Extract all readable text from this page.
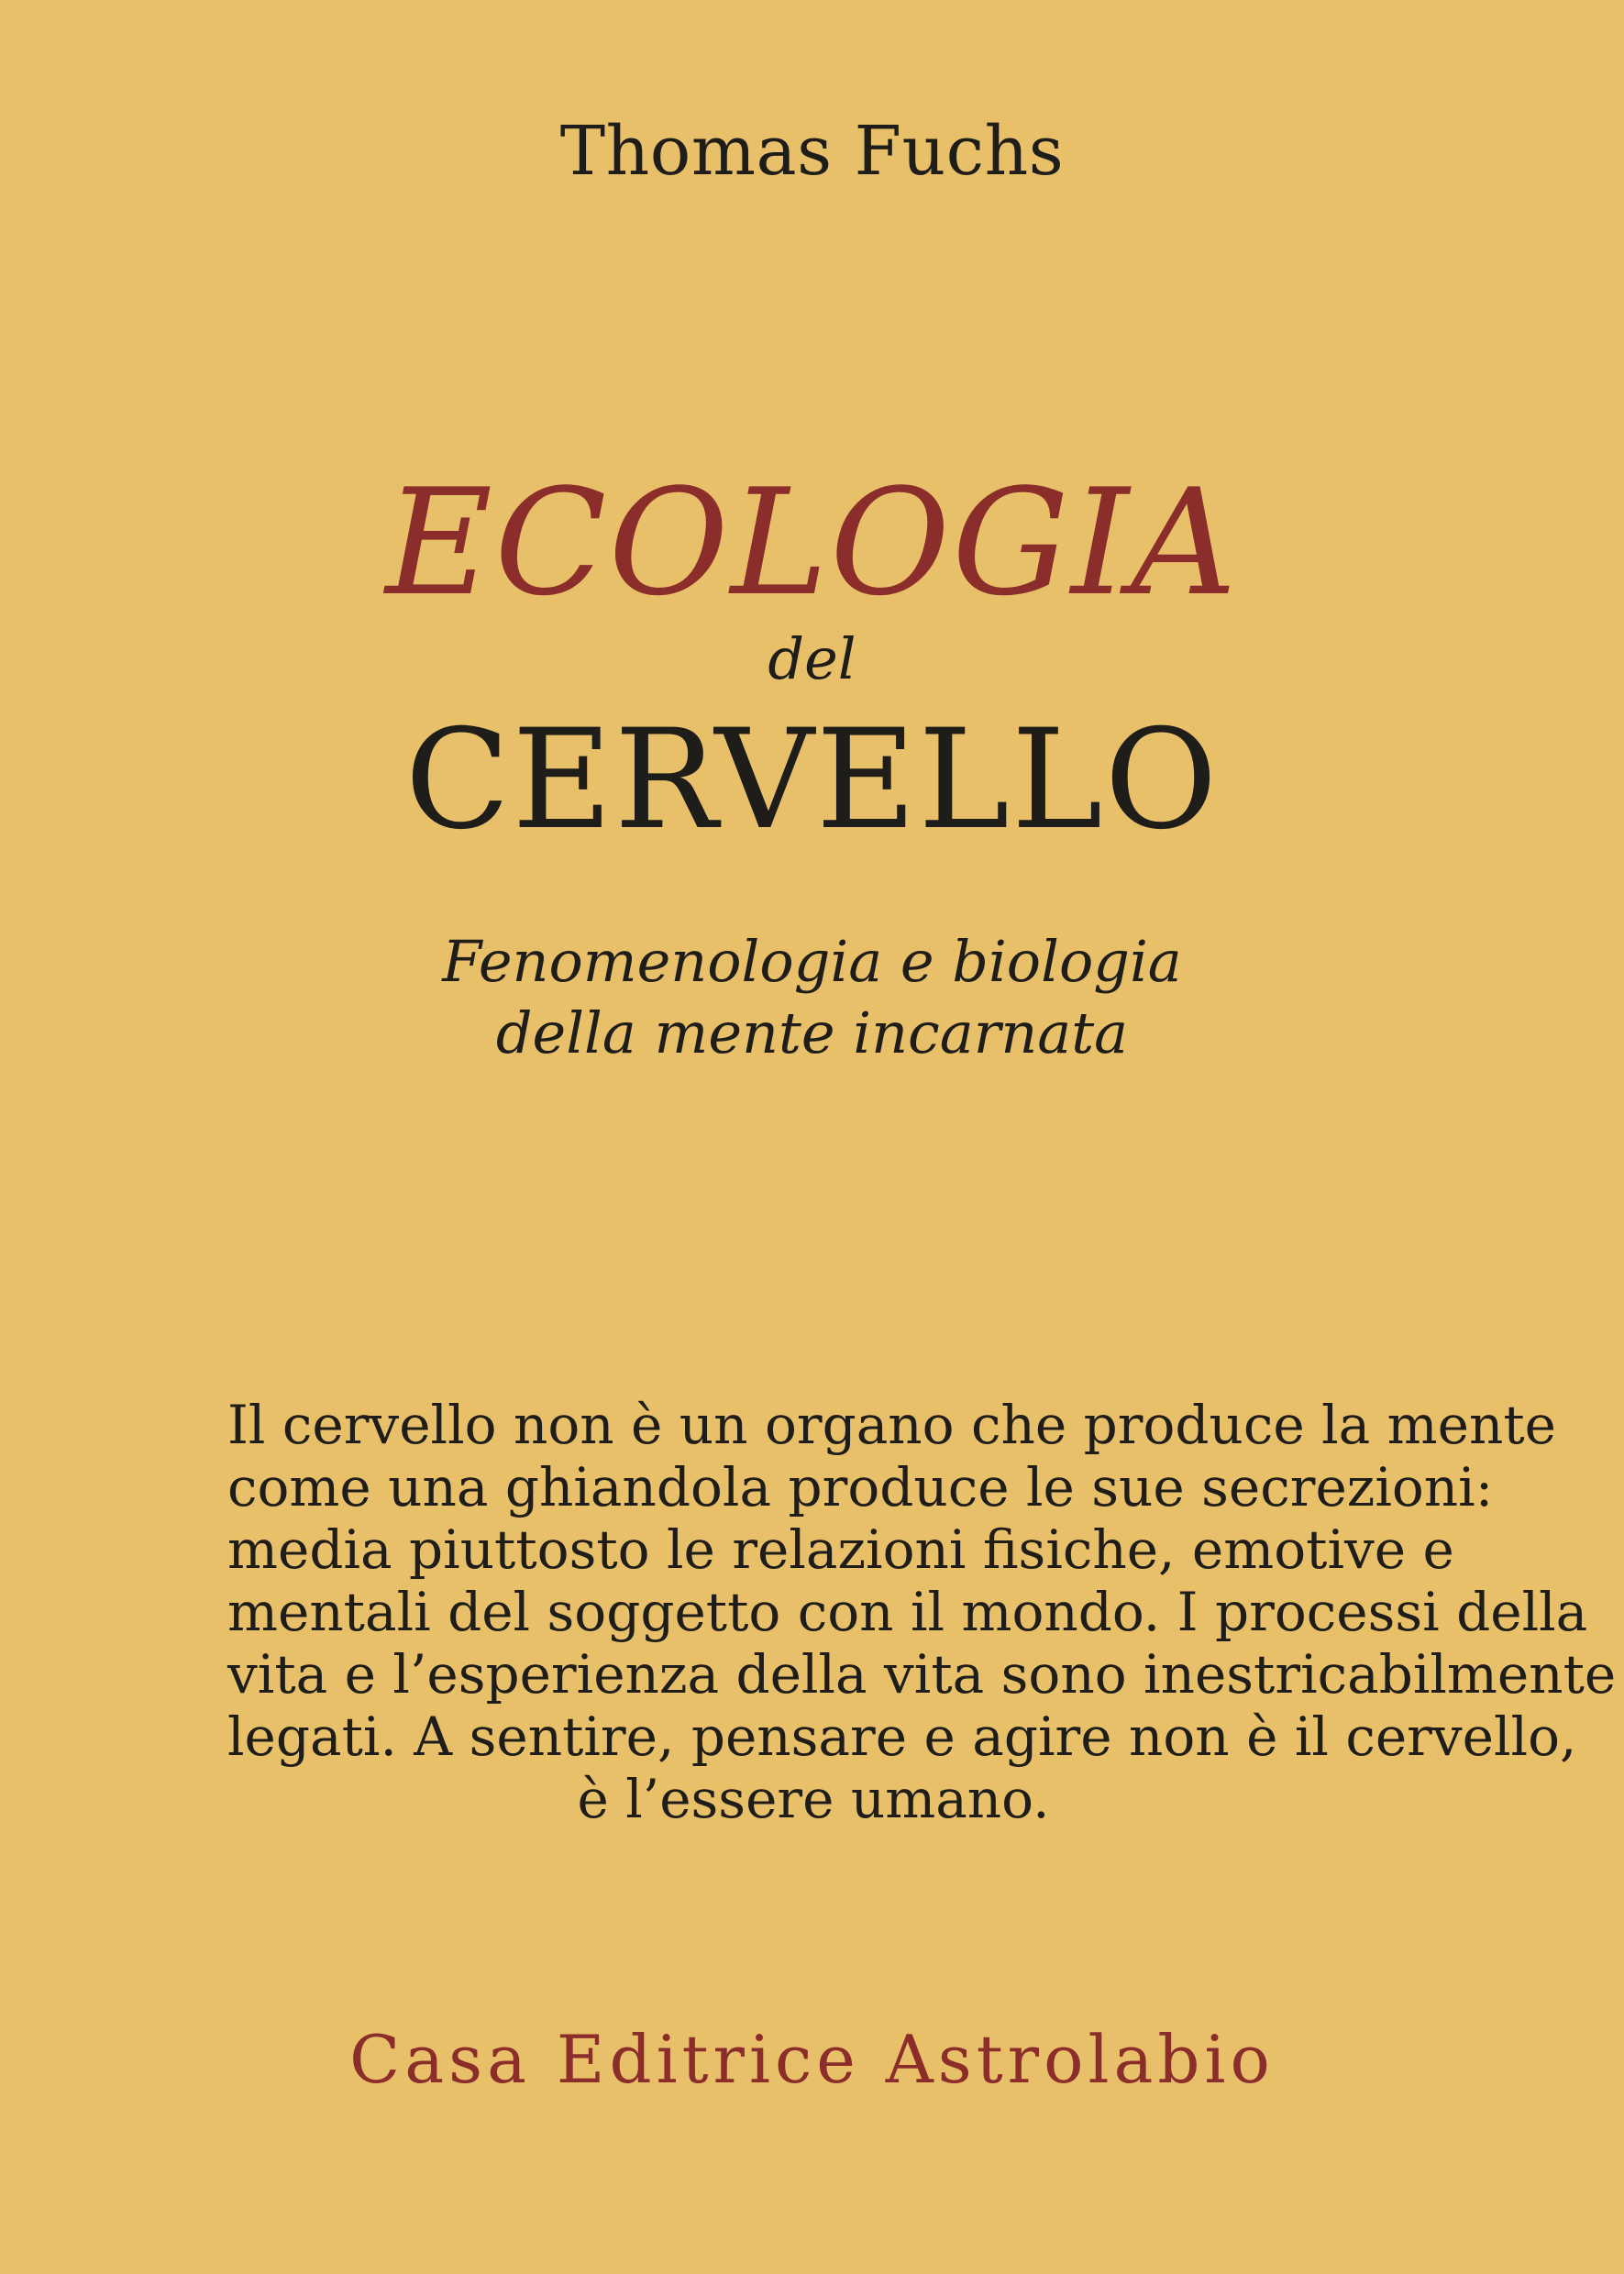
Thomas Fuchs
ECOLOGIA
del
CERVELLO
Fenomenologia e biologia
della mente incarnata
Il cervello non è un organo che produce la mente
come una ghiandola produce le sue secrezioni:
media piuttosto le relazioni fisiche, emotive e
mentali del soggetto con il mondo. I processi della
vita e l’esperienza della vita sono inestricabilmente
legati. A sentire, pensare e agire non è il cervello,
è l’essere umano.
Casa Editrice Astrolabio
